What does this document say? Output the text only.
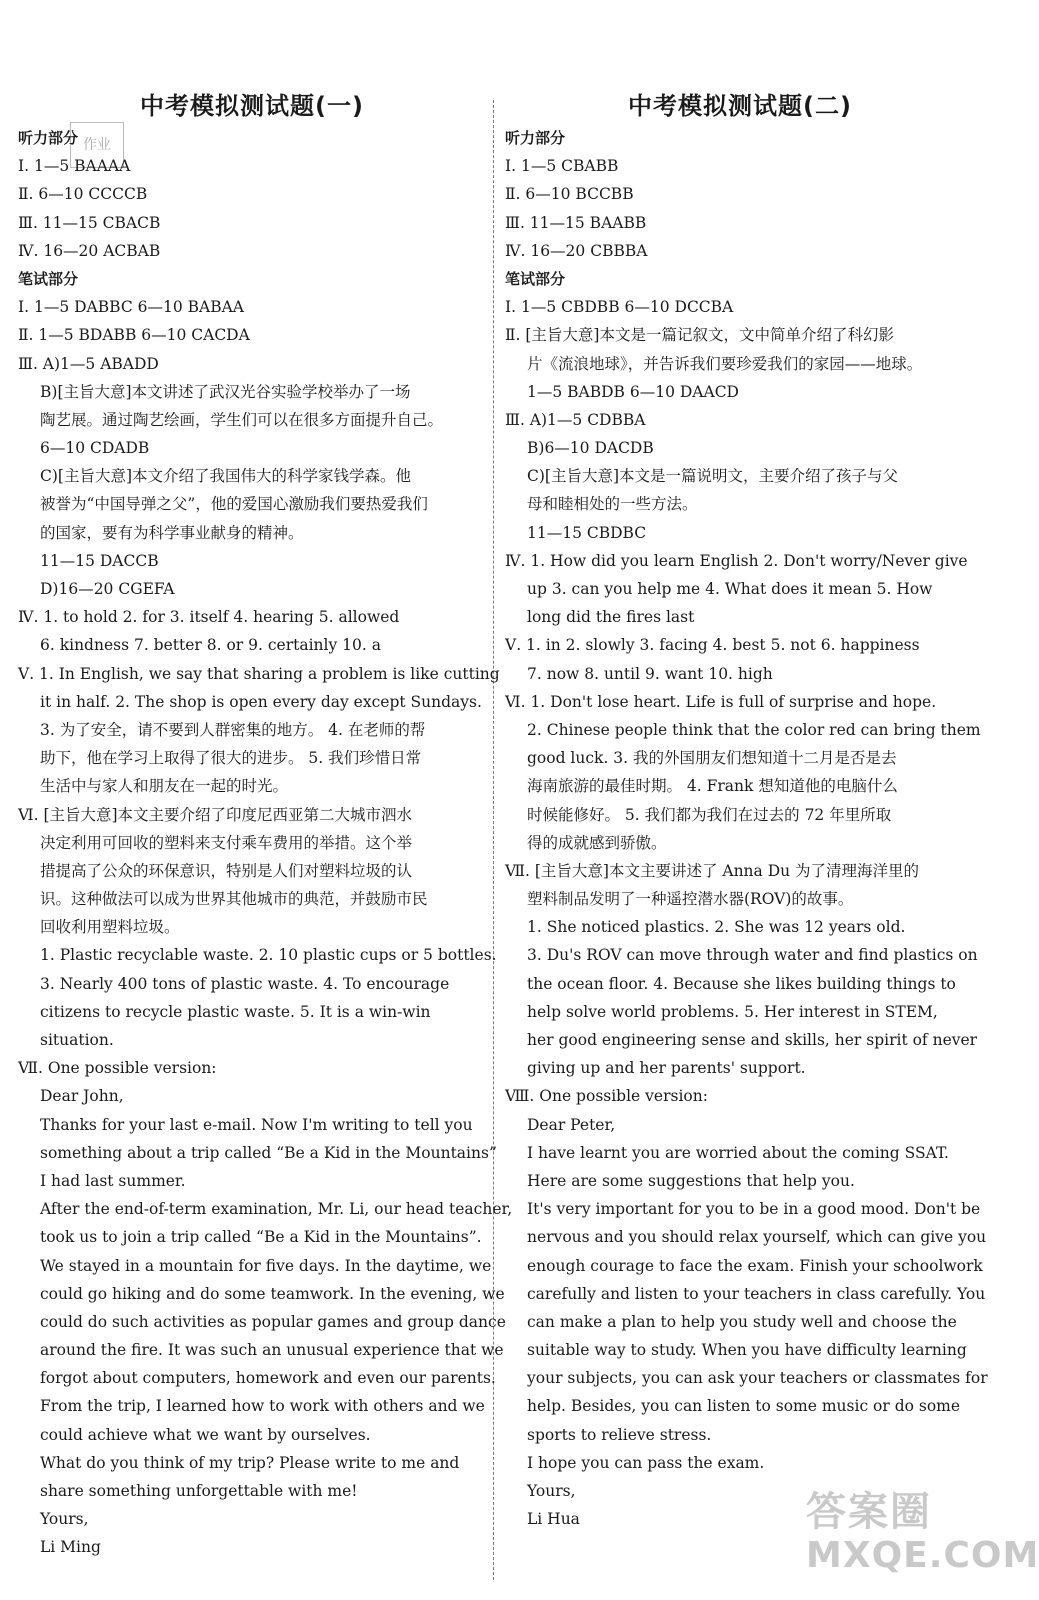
作业
中考模拟测试题(一)
听力部分
Ⅰ. 1—5 BAAAA
Ⅱ. 6—10 CCCCB
Ⅲ. 11—15 CBACB
Ⅳ. 16—20 ACBAB
笔试部分
Ⅰ. 1—5 DABBC 6—10 BABAA
Ⅱ. 1—5 BDABB 6—10 CACDA
Ⅲ. A)1—5 ABADD
B)[主旨大意]本文讲述了武汉光谷实验学校举办了一场
陶艺展。通过陶艺绘画，学生们可以在很多方面提升自己。
6—10 CDADB
C)[主旨大意]本文介绍了我国伟大的科学家钱学森。他
被誉为“中国导弹之父”，他的爱国心激励我们要热爱我们
的国家，要有为科学事业献身的精神。
11—15 DACCB
D)16—20 CGEFA
Ⅳ. 1. to hold 2. for 3. itself 4. hearing 5. allowed
6. kindness 7. better 8. or 9. certainly 10. a
Ⅴ. 1. In English, we say that sharing a problem is like cutting
it in half. 2. The shop is open every day except Sundays.
3. 为了安全，请不要到人群密集的地方。 4. 在老师的帮
助下，他在学习上取得了很大的进步。 5. 我们珍惜日常
生活中与家人和朋友在一起的时光。
Ⅵ. [主旨大意]本文主要介绍了印度尼西亚第二大城市泗水
决定利用可回收的塑料来支付乘车费用的举措。这个举
措提高了公众的环保意识，特别是人们对塑料垃圾的认
识。这种做法可以成为世界其他城市的典范，并鼓励市民
回收利用塑料垃圾。
1. Plastic recyclable waste. 2. 10 plastic cups or 5 bottles.
3. Nearly 400 tons of plastic waste. 4. To encourage
citizens to recycle plastic waste. 5. It is a win-win
situation.
Ⅶ. One possible version:
Dear John,
Thanks for your last e-mail. Now I'm writing to tell you
something about a trip called “Be a Kid in the Mountains”
I had last summer.
After the end-of-term examination, Mr. Li, our head teacher,
took us to join a trip called “Be a Kid in the Mountains”.
We stayed in a mountain for five days. In the daytime, we
could go hiking and do some teamwork. In the evening, we
could do such activities as popular games and group dance
around the fire. It was such an unusual experience that we
forgot about computers, homework and even our parents.
From the trip, I learned how to work with others and we
could achieve what we want by ourselves.
What do you think of my trip? Please write to me and
share something unforgettable with me!
Yours,
Li Ming
中考模拟测试题(二)
听力部分
Ⅰ. 1—5 CBABB
Ⅱ. 6—10 BCCBB
Ⅲ. 11—15 BAABB
Ⅳ. 16—20 CBBBA
笔试部分
Ⅰ. 1—5 CBDBB 6—10 DCCBA
Ⅱ. [主旨大意]本文是一篇记叙文，文中简单介绍了科幻影
片《流浪地球》，并告诉我们要珍爱我们的家园——地球。
1—5 BABDB 6—10 DAACD
Ⅲ. A)1—5 CDBBA
B)6—10 DACDB
C)[主旨大意]本文是一篇说明文，主要介绍了孩子与父
母和睦相处的一些方法。
11—15 CBDBC
Ⅳ. 1. How did you learn English 2. Don't worry/Never give
up 3. can you help me 4. What does it mean 5. How
long did the fires last
Ⅴ. 1. in 2. slowly 3. facing 4. best 5. not 6. happiness
7. now 8. until 9. want 10. high
Ⅵ. 1. Don't lose heart. Life is full of surprise and hope.
2. Chinese people think that the color red can bring them
good luck. 3. 我的外国朋友们想知道十二月是否是去
海南旅游的最佳时期。 4. Frank 想知道他的电脑什么
时候能修好。 5. 我们都为我们在过去的 72 年里所取
得的成就感到骄傲。
Ⅶ. [主旨大意]本文主要讲述了 Anna Du 为了清理海洋里的
塑料制品发明了一种遥控潜水器(ROV)的故事。
1. She noticed plastics. 2. She was 12 years old.
3. Du's ROV can move through water and find plastics on
the ocean floor. 4. Because she likes building things to
help solve world problems. 5. Her interest in STEM,
her good engineering sense and skills, her spirit of never
giving up and her parents' support.
Ⅷ. One possible version:
Dear Peter,
I have learnt you are worried about the coming SSAT.
Here are some suggestions that help you.
It's very important for you to be in a good mood. Don't be
nervous and you should relax yourself, which can give you
enough courage to face the exam. Finish your schoolwork
carefully and listen to your teachers in class carefully. You
can make a plan to help you study well and choose the
suitable way to study. When you have difficulty learning
your subjects, you can ask your teachers or classmates for
help. Besides, you can listen to some music or do some
sports to relieve stress.
I hope you can pass the exam.
Yours,
Li Hua	答案圈
MXQE.COM
